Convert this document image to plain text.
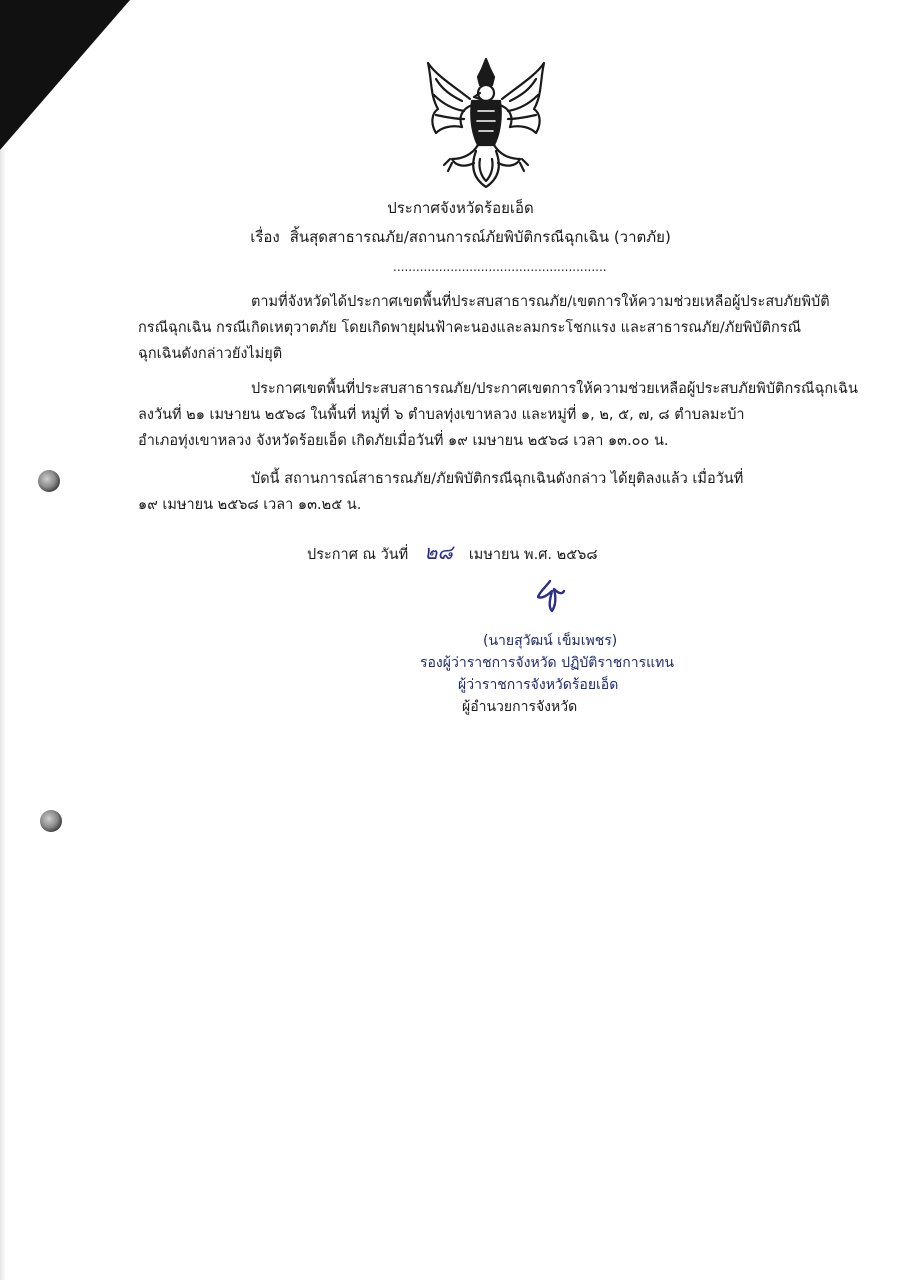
ประกาศจังหวัดร้อยเอ็ด
เรื่อง สิ้นสุดสาธารณภัย/สถานการณ์ภัยพิบัติกรณีฉุกเฉิน (วาตภัย)
........................................................
ตามที่จังหวัดได้ประกาศเขตพื้นที่ประสบสาธารณภัย/เขตการให้ความช่วยเหลือผู้ประสบภัยพิบัติ
กรณีฉุกเฉิน กรณีเกิดเหตุวาตภัย โดยเกิดพายุฝนฟ้าคะนองและลมกระโชกแรง และสาธารณภัย/ภัยพิบัติกรณี
ฉุกเฉินดังกล่าวยังไม่ยุติ
ประกาศเขตพื้นที่ประสบสาธารณภัย/ประกาศเขตการให้ความช่วยเหลือผู้ประสบภัยพิบัติกรณีฉุกเฉิน
ลงวันที่ ๒๑ เมษายน ๒๕๖๘ ในพื้นที่ หมู่ที่ ๖ ตำบลทุ่งเขาหลวง และหมู่ที่ ๑, ๒, ๕, ๗, ๘ ตำบลมะบ้า
อำเภอทุ่งเขาหลวง จังหวัดร้อยเอ็ด เกิดภัยเมื่อวันที่ ๑๙ เมษายน ๒๕๖๘ เวลา ๑๓.๐๐ น.
บัดนี้ สถานการณ์สาธารณภัย/ภัยพิบัติกรณีฉุกเฉินดังกล่าว ได้ยุติลงแล้ว เมื่อวันที่
๑๙ เมษายน ๒๕๖๘ เวลา ๑๓.๒๕ น.
ประกาศ ณ วันที่ ๒๘ เมษายน พ.ศ. ๒๕๖๘
(นายสุวัฒน์ เข็มเพชร)
รองผู้ว่าราชการจังหวัด ปฏิบัติราชการแทน
ผู้ว่าราชการจังหวัดร้อยเอ็ด
ผู้อำนวยการจังหวัด
